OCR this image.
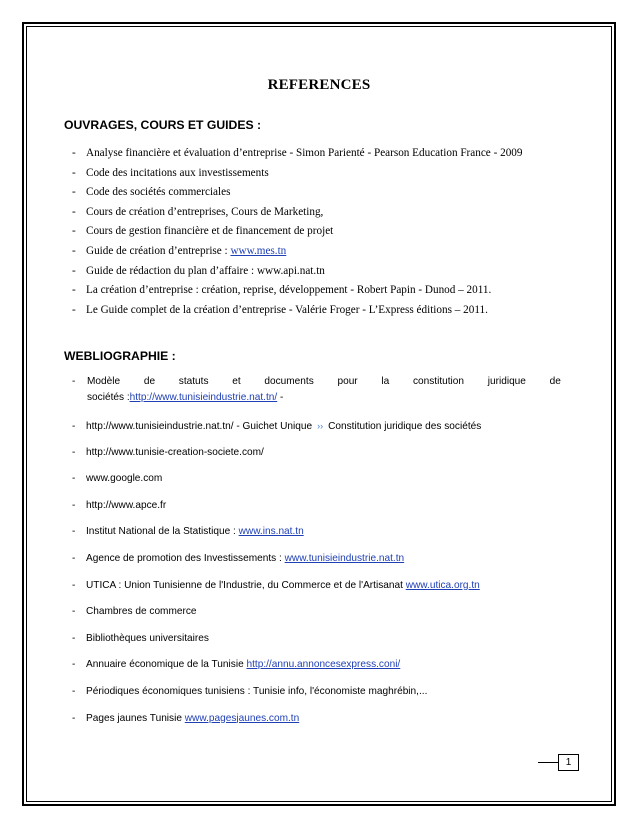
REFERENCES
OUVRAGES, COURS ET GUIDES :
- Analyse financière et évaluation d’entreprise - Simon Parienté - Pearson Education France - 2009
- Code des incitations aux investissements
- Code des sociétés commerciales
- Cours de création d’entreprises, Cours de Marketing,
- Cours de gestion financière et de financement de projet
- Guide de création d’entreprise : www.mes.tn
- Guide de rédaction du plan d’affaire : www.api.nat.tn
- La création d’entreprise : création, reprise, développement - Robert Papin - Dunod – 2011.
- Le Guide complet de la création d’entreprise - Valérie Froger - L’Express éditions – 2011.
WEBLIOGRAPHIE :
-	Modèle de statuts et documents pour la constitution juridique de
sociétés :http://www.tunisieindustrie.nat.tn/ -
- http://www.tunisieindustrie.nat.tn/ - Guichet Unique ›› Constitution juridique des sociétés
- http://www.tunisie-creation-societe.com/
- www.google.com
- http://www.apce.fr
- Institut National de la Statistique : www.ins.nat.tn
- Agence de promotion des Investissements : www.tunisieindustrie.nat.tn
- UTICA : Union Tunisienne de l'Industrie, du Commerce et de l'Artisanat www.utica.org.tn
- Chambres de commerce
- Bibliothèques universitaires
- Annuaire économique de la Tunisie http://annu.annoncesexpress.coni/
- Périodiques économiques tunisiens : Tunisie info, l'économiste maghrébin,...
- Pages jaunes Tunisie www.pagesjaunes.com.tn
1
